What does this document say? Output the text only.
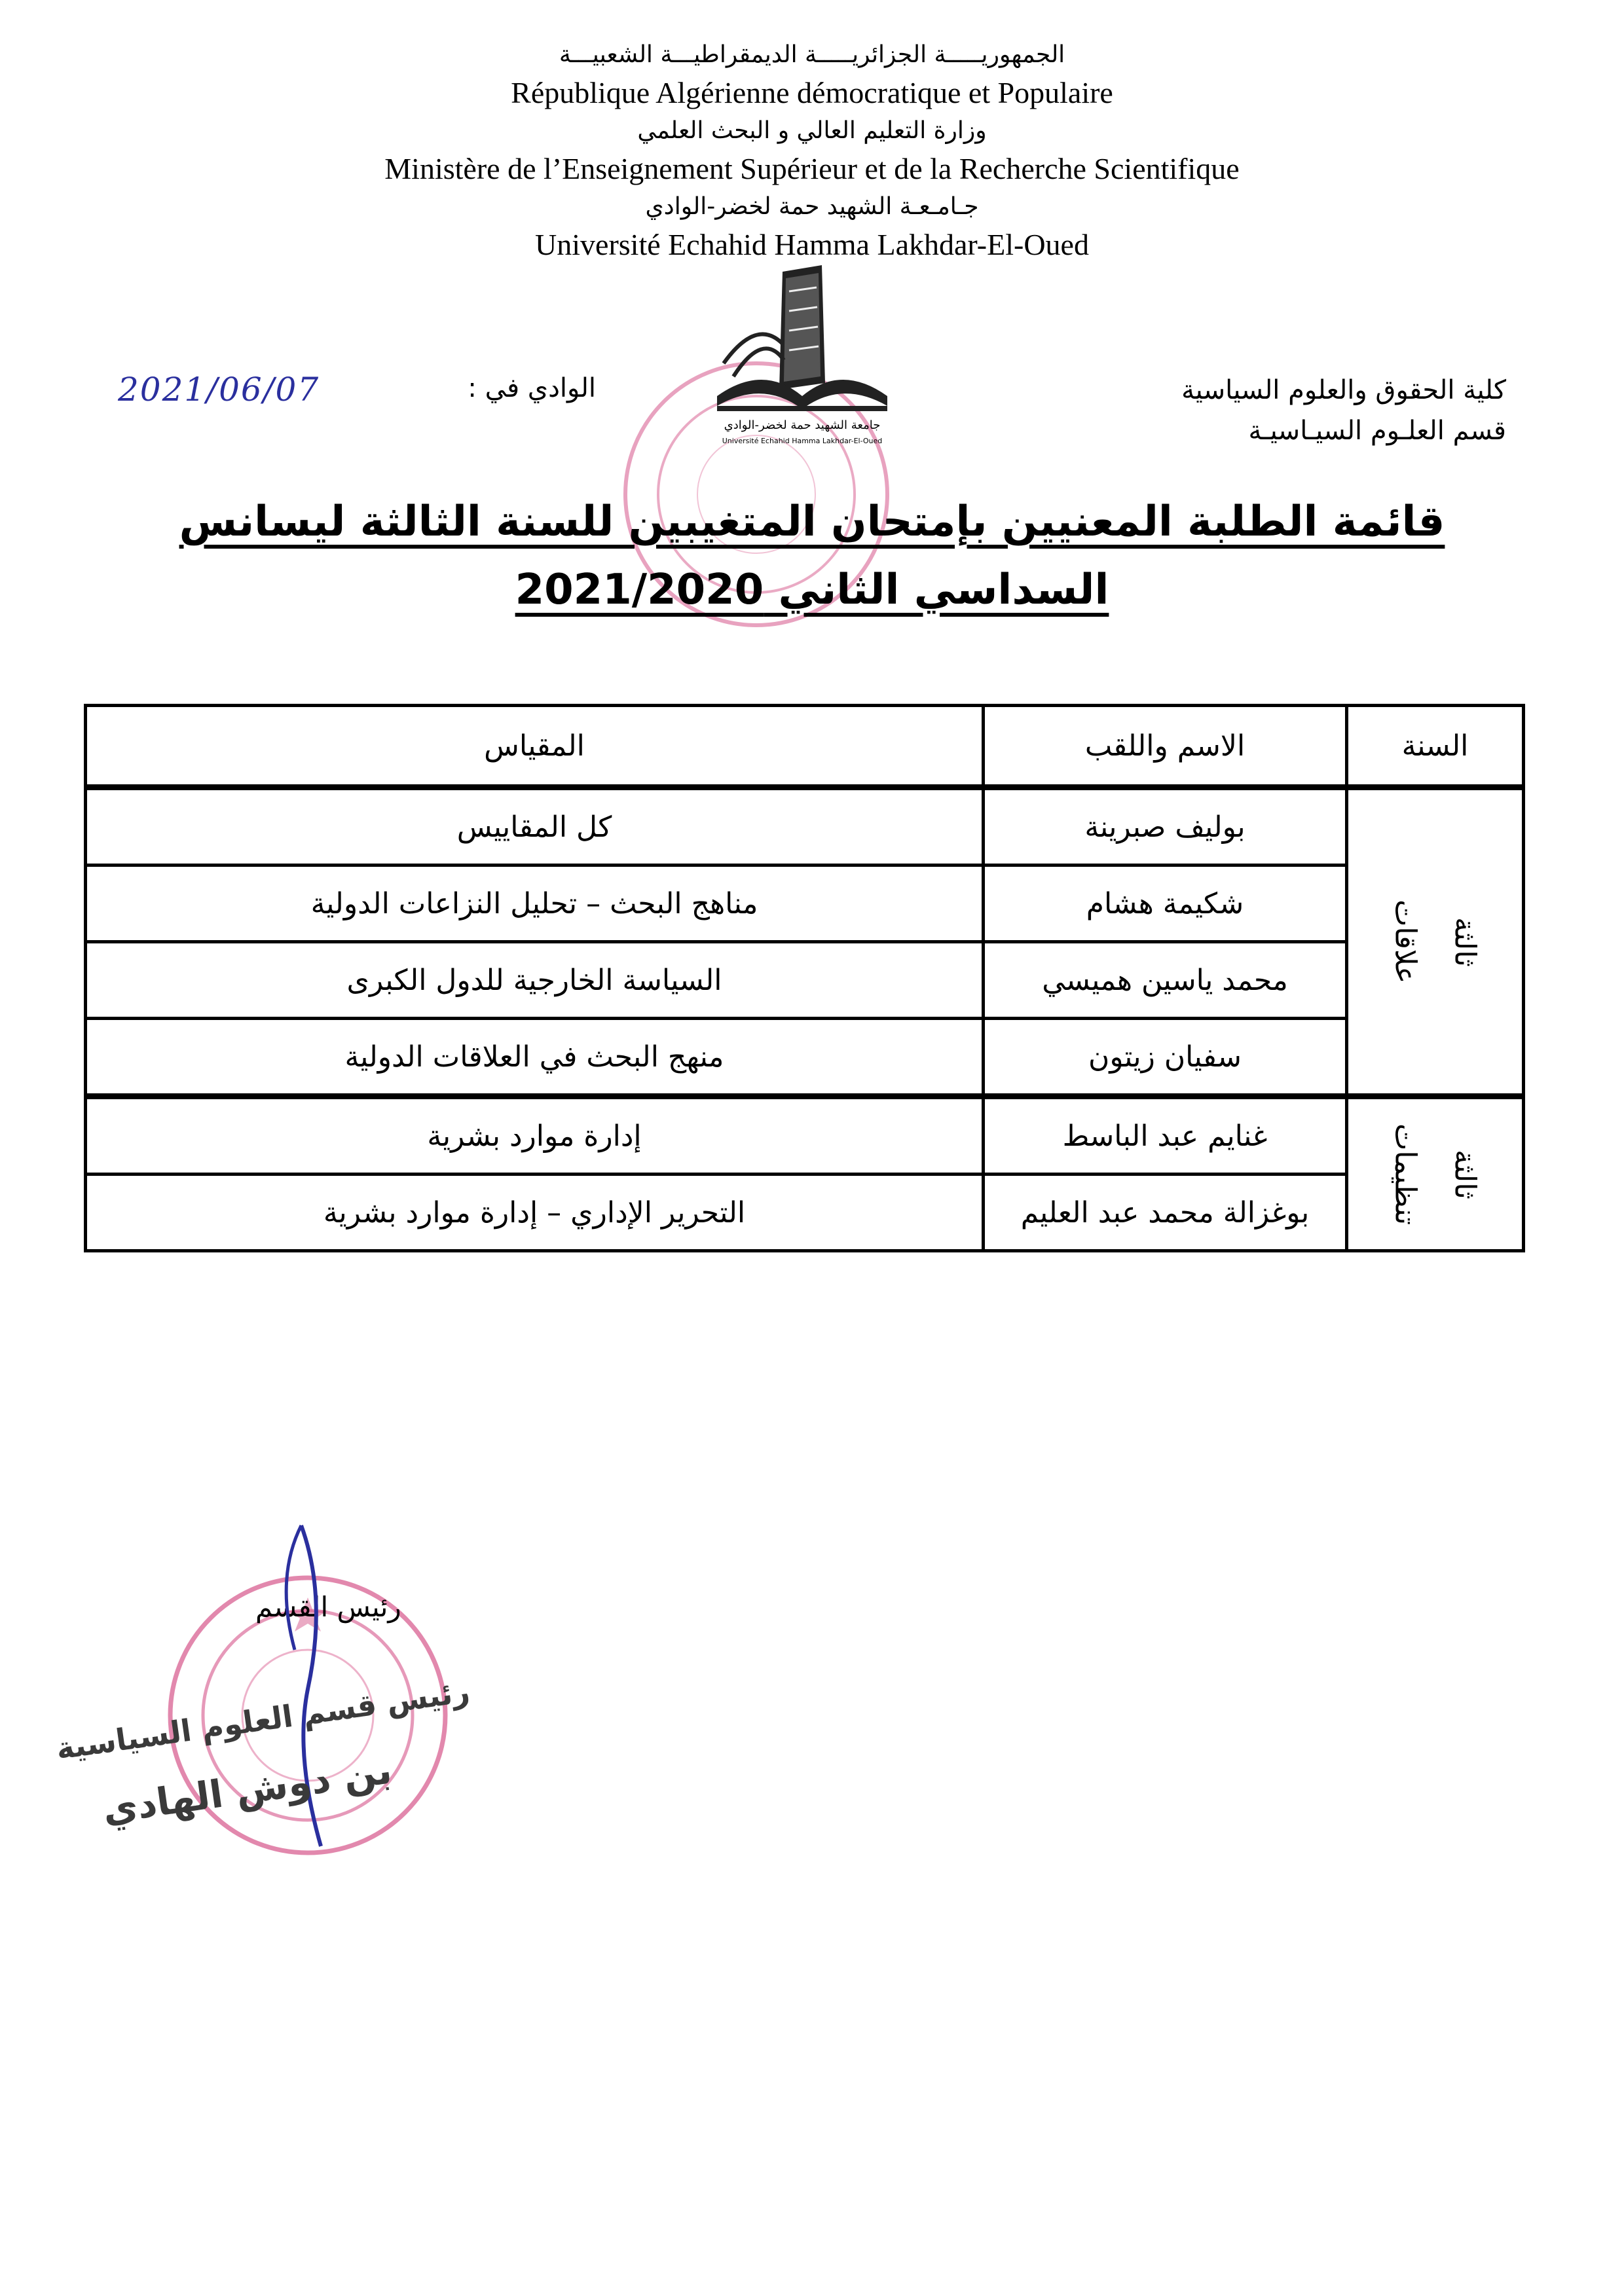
الجمهوريـــــة الجزائريـــــة الديمقراطيـــة الشعبيـــة
République Algérienne démocratique et Populaire
وزارة التعليم العالي و البحث العلمي
Ministère de l’Enseignement Supérieur et de la Recherche Scientifique
جـامـعـة الشهيد حمة لخضر-الوادي
Université Echahid Hamma Lakhdar-El-Oued
جامعة الشهيد حمة لخضر-الوادي
Université Echahid Hamma Lakhdar-El-Oued
كلية الحقوق والعلوم السياسية
قسم العلـوم السيـاسيـة
2021/06/07	الوادي في :
قائمة الطلبة المعنيين بإمتحان المتغيبين للسنة الثالثة ليسانس
السداسي الثاني 2021/2020
السنة	الاسم واللقب	المقياس

علاقات ثالثة	بوليف صبرينة	كل المقاييس
	شكيمة هشام	مناهج البحث – تحليل النزاعات الدولية
	محمد ياسين هميسي	السياسة الخارجية للدول الكبرى
	سفيان زيتون	منهج البحث في العلاقات الدولية

تنظيمات ثالثة	غنايم عبد الباسط	إدارة موارد بشرية
	بوغزالة محمد عبد العليم	التحرير الإداري – إدارة موارد بشرية
رئيس القسم
رئيس قسم العلوم السياسية
بن دوش الهادي
